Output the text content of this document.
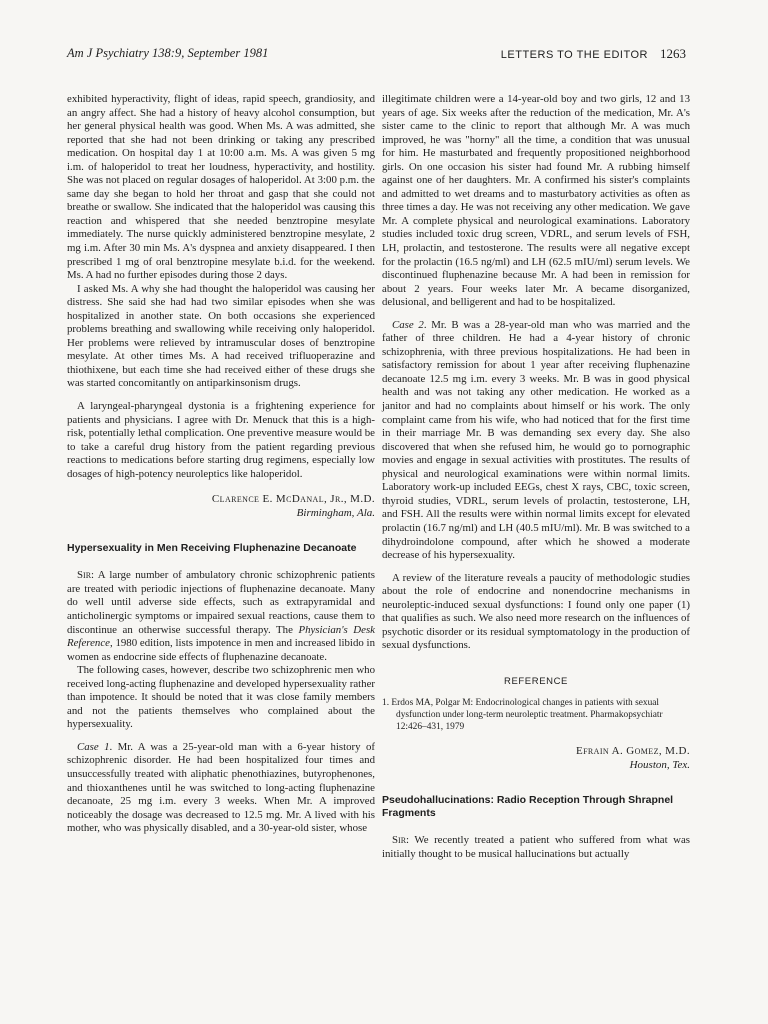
Am J Psychiatry 138:9, September 1981	LETTERS TO THE EDITOR 1263

exhibited hyperactivity, flight of ideas, rapid speech, grandiosity, and an angry affect. She had a history of heavy alcohol consumption, but her general physical health was good. When Ms. A was admitted, she reported that she had not been drinking or taking any prescribed medication. On hospital day 1 at 10:00 a.m. Ms. A was given 5 mg i.m. of haloperidol to treat her loudness, hyperactivity, and hostility. She was not placed on regular dosages of haloperidol. At 3:00 p.m. the same day she began to hold her throat and gasp that she could not breathe or swallow. She indicated that the haloperidol was causing this reaction and whispered that she needed benztropine mesylate immediately. The nurse quickly administered benztropine mesylate, 2 mg i.m. After 30 min Ms. A's dyspnea and anxiety disappeared. I then prescribed 1 mg of oral benztropine mesylate b.i.d. for the weekend. Ms. A had no further episodes during those 2 days.

I asked Ms. A why she had thought the haloperidol was causing her distress. She said she had had two similar episodes when she was hospitalized in another state. On both occasions she experienced problems breathing and swallowing while receiving only haloperidol. Her problems were relieved by intramuscular doses of benztropine mesylate. At other times Ms. A had received trifluoperazine and thiothixene, but each time she had received either of these drugs she was started concomitantly on antiparkinsonism drugs.

A laryngeal-pharyngeal dystonia is a frightening experience for patients and physicians. I agree with Dr. Menuck that this is a high-risk, potentially lethal complication. One preventive measure would be to take a careful drug history from the patient regarding previous reactions to medications before starting drug regimens, especially low dosages of high-potency neuroleptics like haloperidol.

Clarence E. McDanal, Jr., M.D.
Birmingham, Ala.
Hypersexuality in Men Receiving Fluphenazine Decanoate

Sir: A large number of ambulatory chronic schizophrenic patients are treated with periodic injections of fluphenazine decanoate. Many do well until adverse side effects, such as extrapyramidal and anticholinergic symptoms or impaired sexual reactions, cause them to discontinue an otherwise successful therapy. The Physician's Desk Reference, 1980 edition, lists impotence in men and increased libido in women as endocrine side effects of fluphenazine decanoate.

The following cases, however, describe two schizophrenic men who received long-acting fluphenazine and developed hypersexuality rather than impotence. It should be noted that it was close family members and not the patients themselves who complained about the hypersexuality.

Case 1. Mr. A was a 25-year-old man with a 6-year history of schizophrenic disorder. He had been hospitalized four times and unsuccessfully treated with aliphatic phenothiazines, butyrophenones, and thioxanthenes until he was switched to long-acting fluphenazine decanoate, 25 mg i.m. every 3 weeks. When Mr. A improved noticeably the dosage was decreased to 12.5 mg. Mr. A lived with his mother, who was physically disabled, and a 30-year-old sister, whose

illegitimate children were a 14-year-old boy and two girls, 12 and 13 years of age. Six weeks after the reduction of the medication, Mr. A's sister came to the clinic to report that although Mr. A was much improved, he was "horny" all the time, a condition that was unusual for him. He masturbated and frequently propositioned neighborhood girls. On one occasion his sister had found Mr. A rubbing himself against one of her daughters. Mr. A confirmed his sister's complaints and admitted to wet dreams and to masturbatory activities as often as three times a day. He was not receiving any other medication. We gave Mr. A complete physical and neurological examinations. Laboratory studies included toxic drug screen, VDRL, and serum levels of FSH, LH, prolactin, and testosterone. The results were all negative except for the prolactin (16.5 ng/ml) and LH (62.5 mIU/ml) serum levels. We discontinued fluphenazine because Mr. A had been in remission for about 2 years. Four weeks later Mr. A became disorganized, delusional, and belligerent and had to be hospitalized.

Case 2. Mr. B was a 28-year-old man who was married and the father of three children. He had a 4-year history of chronic schizophrenia, with three previous hospitalizations. He had been in satisfactory remission for about 1 year after receiving fluphenazine decanoate 12.5 mg i.m. every 3 weeks. Mr. B was in good physical health and was not taking any other medication. He worked as a janitor and had no complaints about himself or his work. The only complaint came from his wife, who had noticed that for the first time in their marriage Mr. B was demanding sex every day. She also discovered that when she refused him, he would go to pornographic movies and engage in sexual activities with prostitutes. The results of physical and neurological examinations were within normal limits. Laboratory work-up included EEGs, chest X rays, CBC, toxic screen, thyroid studies, VDRL, serum levels of prolactin, testosterone, LH, and FSH. All the results were within normal limits except for elevated prolactin (16.7 ng/ml) and LH (40.5 mIU/ml). Mr. B was switched to a dihydroindolone compound, after which he showed a moderate decrease of his hypersexuality.

A review of the literature reveals a paucity of methodologic studies about the role of endocrine and nonendocrine mechanisms in neuroleptic-induced sexual dysfunctions: I found only one paper (1) that qualifies as such. We also need more research on the influences of psychotic disorder or its residual symptomatology in the production of sexual dysfunctions.

REFERENCE
1. Erdos MA, Polgar M: Endocrinological changes in patients with sexual dysfunction under long-term neuroleptic treatment. Pharmakopsychiatr 12:426–431, 1979
Efrain A. Gomez, M.D.
Houston, Tex.
Pseudohallucinations: Radio Reception Through Shrapnel Fragments

Sir: We recently treated a patient who suffered from what was initially thought to be musical hallucinations but actually
